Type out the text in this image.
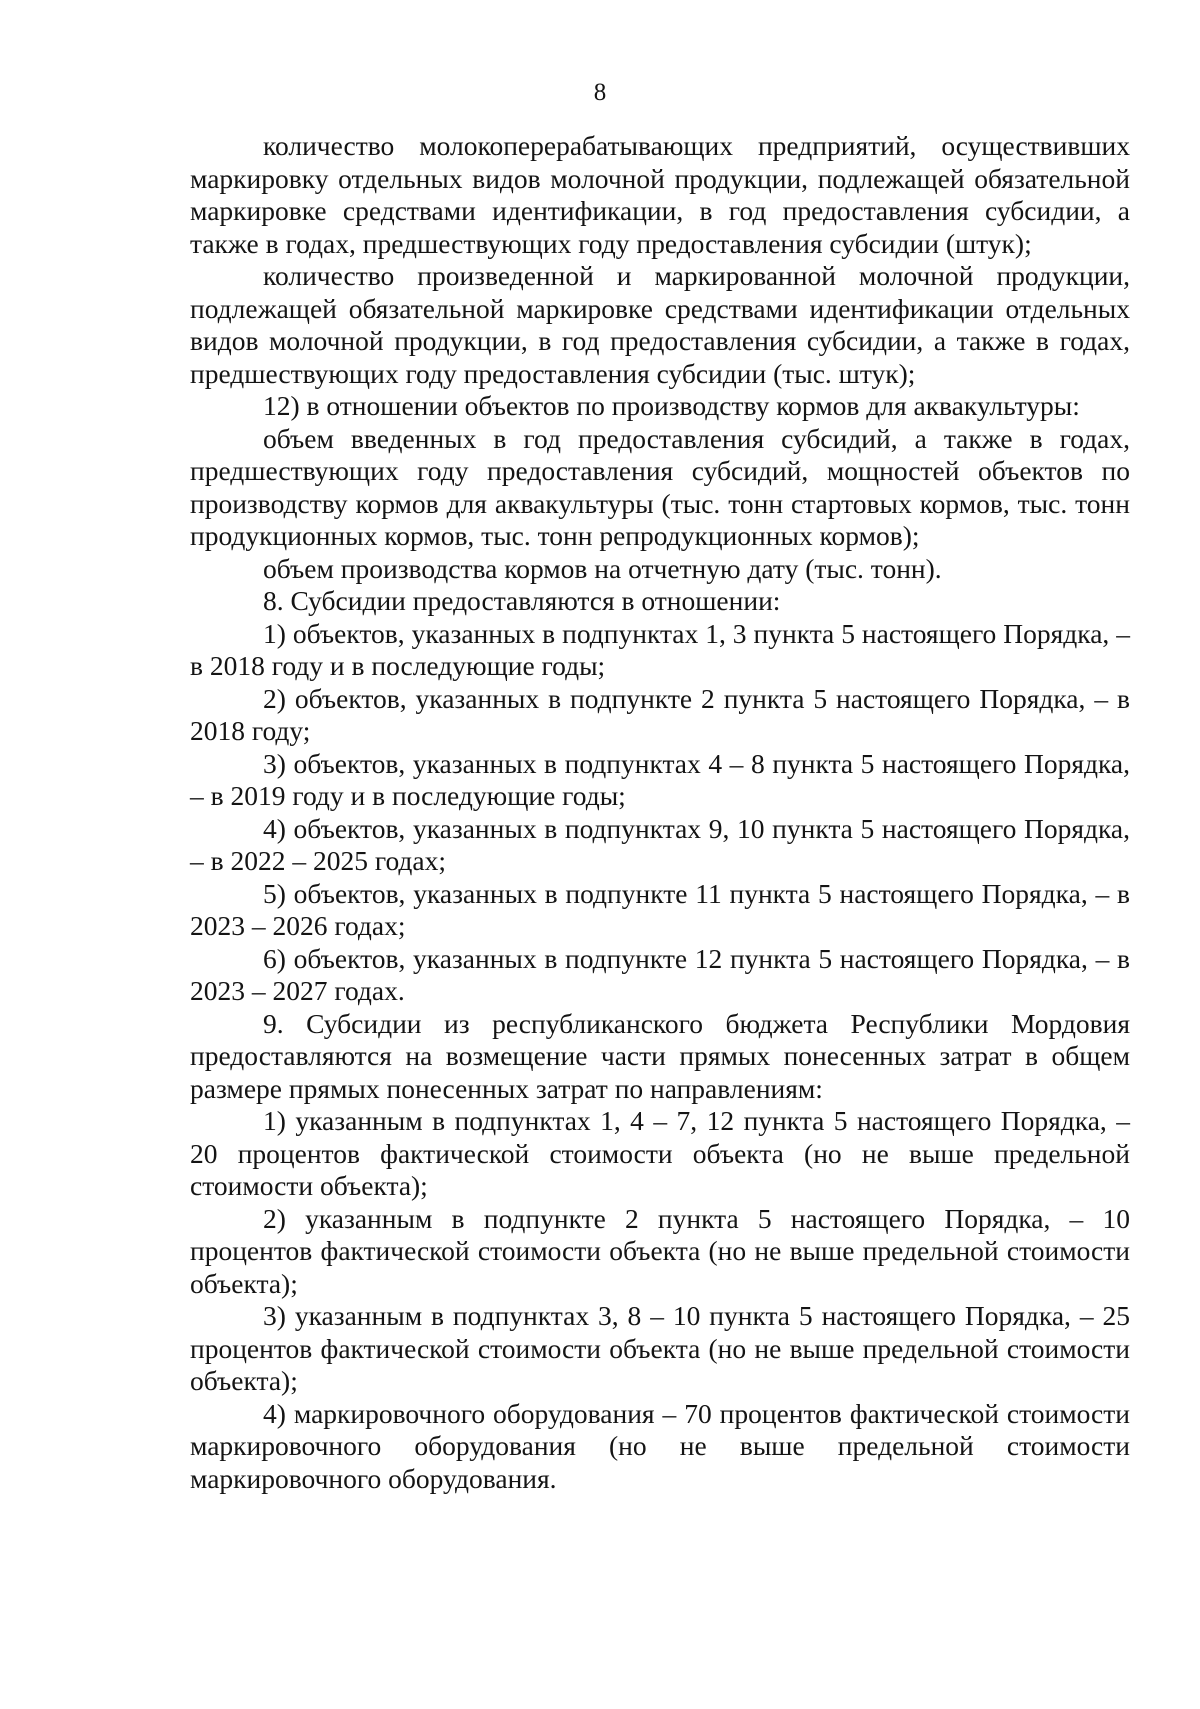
8

количество молокоперерабатывающих предприятий, осуществивших маркировку отдельных видов молочной продукции, подлежащей обязательной маркировке средствами идентификации, в год предоставления субсидии, а также в годах, предшествующих году предоставления субсидии (штук);

количество произведенной и маркированной молочной продукции, подлежащей обязательной маркировке средствами идентификации отдельных видов молочной продукции, в год предоставления субсидии, а также в годах, предшествующих году предоставления субсидии (тыс. штук);

12) в отношении объектов по производству кормов для аквакультуры:

объем введенных в год предоставления субсидий, а также в годах, предшествующих году предоставления субсидий, мощностей объектов по производству кормов для аквакультуры (тыс. тонн стартовых кормов, тыс. тонн продукционных кормов, тыс. тонн репродукционных кормов);

объем производства кормов на отчетную дату (тыс. тонн).

8. Субсидии предоставляются в отношении:

1) объектов, указанных в подпунктах 1, 3 пункта 5 настоящего Порядка, – в 2018 году и в последующие годы;

2) объектов, указанных в подпункте 2 пункта 5 настоящего Порядка, – в 2018 году;

3) объектов, указанных в подпунктах 4 – 8 пункта 5 настоящего Порядка, – в 2019 году и в последующие годы;

4) объектов, указанных в подпунктах 9, 10 пункта 5 настоящего Порядка, – в 2022 – 2025 годах;

5) объектов, указанных в подпункте 11 пункта 5 настоящего Порядка, – в 2023 – 2026 годах;

6) объектов, указанных в подпункте 12 пункта 5 настоящего Порядка, – в 2023 – 2027 годах.

9. Субсидии из республиканского бюджета Республики Мордовия предоставляются на возмещение части прямых понесенных затрат в общем размере прямых понесенных затрат по направлениям:

1) указанным в подпунктах 1, 4 – 7, 12 пункта 5 настоящего Порядка, – 20 процентов фактической стоимости объекта (но не выше предельной стоимости объекта);

2) указанным в подпункте 2 пункта 5 настоящего Порядка, – 10 процентов фактической стоимости объекта (но не выше предельной стоимости объекта);

3) указанным в подпунктах 3, 8 – 10 пункта 5 настоящего Порядка, – 25 процентов фактической стоимости объекта (но не выше предельной стоимости объекта);

4) маркировочного оборудования – 70 процентов фактической стоимости маркировочного оборудования (но не выше предельной стоимости маркировочного оборудования.
